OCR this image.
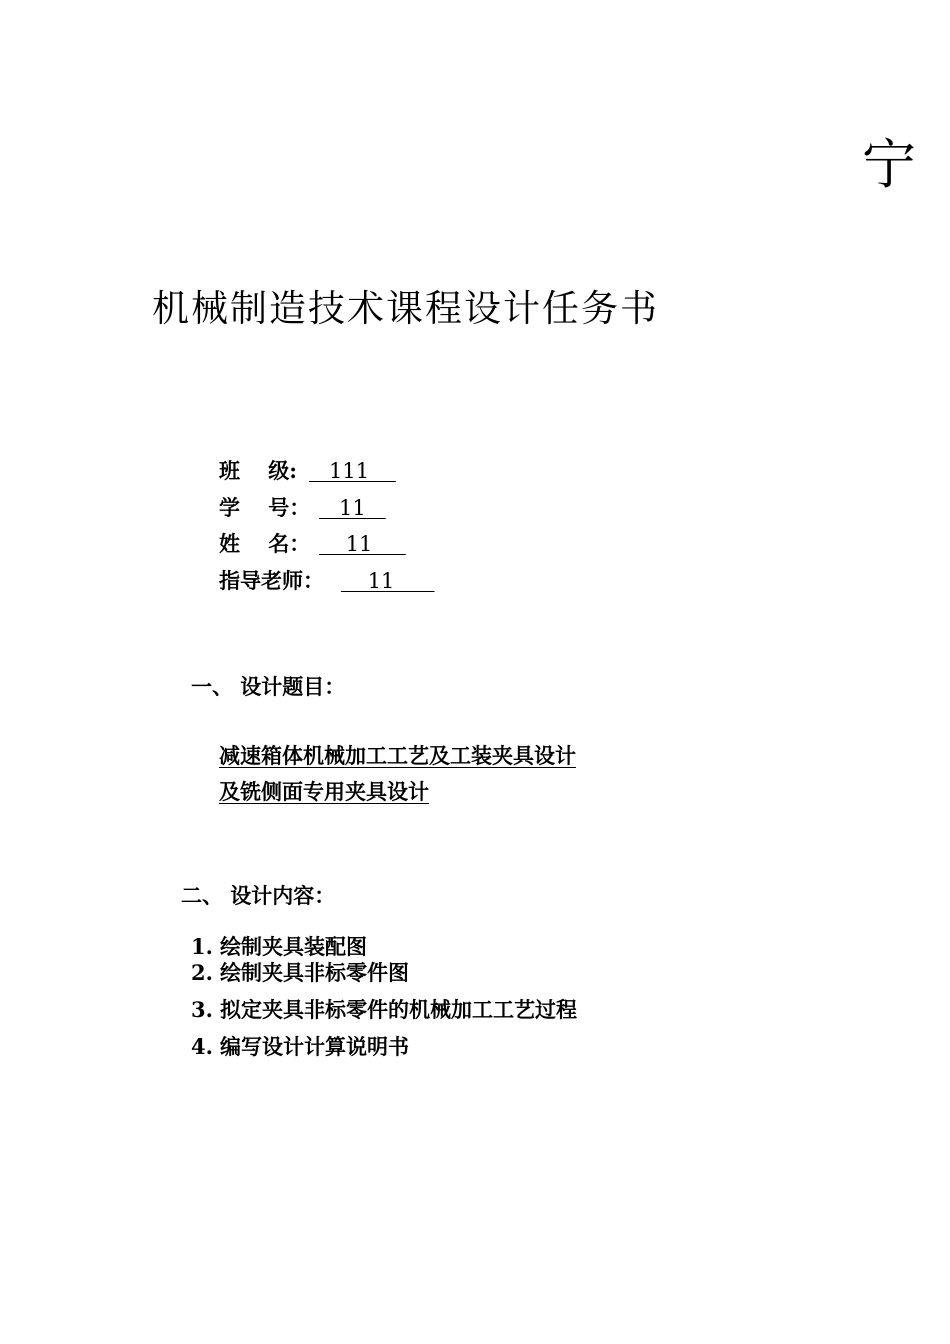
宁
机械制造技术课程设计任务书
班　 级:   111
学　 号：   11
姓　 名：    11
指导老师：    11
一、 设计题目：
减速箱体机械加工工艺及工装夹具设计
及铣侧面专用夹具设计
二、 设计内容：
1. 绘制夹具装配图
2. 绘制夹具非标零件图
3. 拟定夹具非标零件的机械加工工艺过程
4. 编写设计计算说明书
